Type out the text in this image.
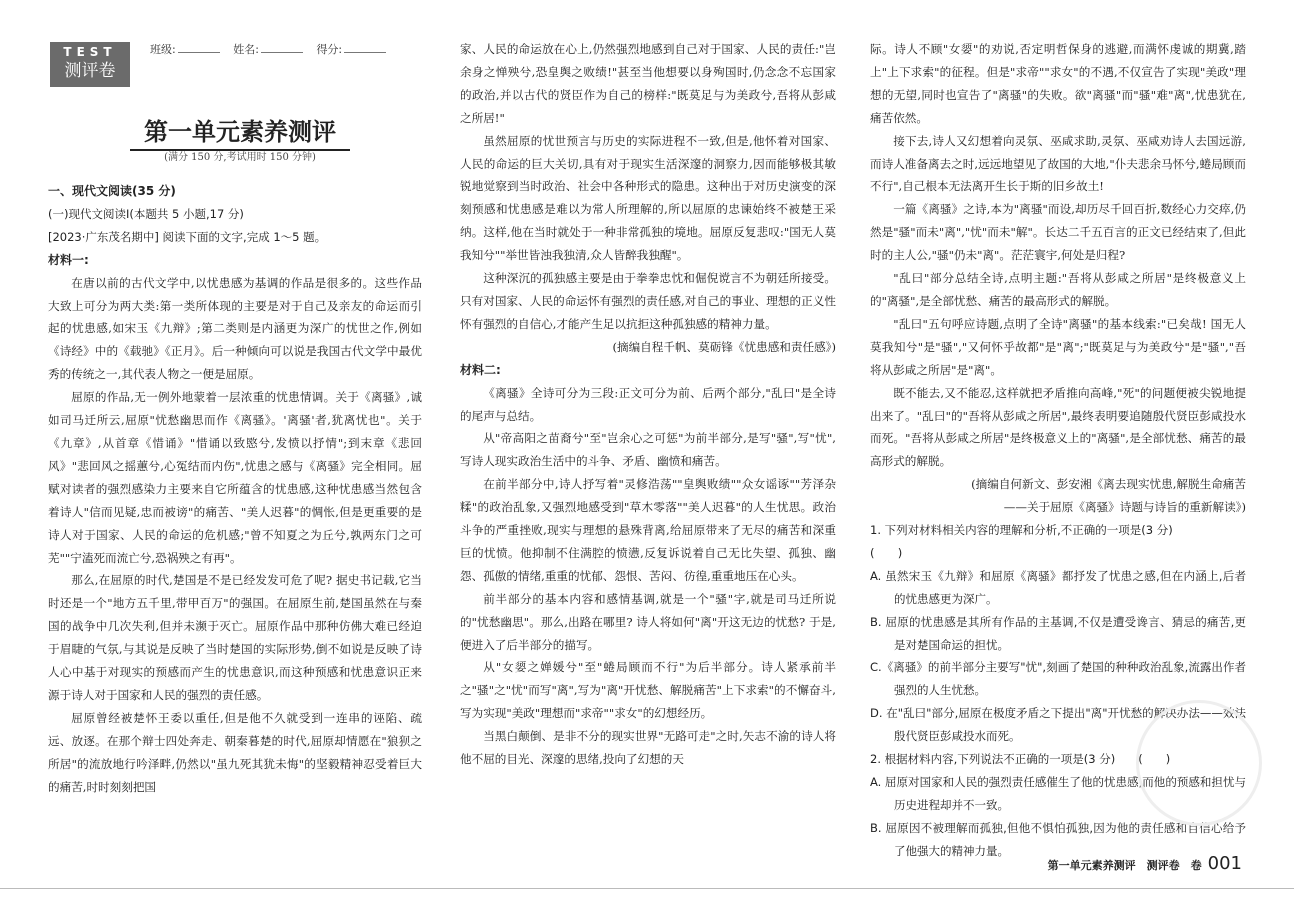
TEST
测评卷
班级:	姓名:	得分:
第一单元素养测评
(满分 150 分,考试用时 150 分钟)

一、现代文阅读(35 分)

(一)现代文阅读Ⅰ(本题共 5 小题,17 分)

[2023·广东茂名期中] 阅读下面的文字,完成 1～5 题。

材料一:

在唐以前的古代文学中,以忧患感为基调的作品是很多的。这些作品大致上可分为两大类:第一类所体现的主要是对于自己及亲友的命运而引起的忧患感,如宋玉《九辩》;第二类则是内涵更为深广的忧世之作,例如《诗经》中的《载驰》《正月》。后一种倾向可以说是我国古代文学中最优秀的传统之一,其代表人物之一便是屈原。

屈原的作品,无一例外地蒙着一层浓重的忧患情调。关于《离骚》,诚如司马迁所云,屈原"忧愁幽思而作《离骚》。'离骚'者,犹离忧也"。关于《九章》,从首章《惜诵》"惜诵以致愍兮,发愤以抒情";到末章《悲回风》"悲回风之摇蕙兮,心冤结而内伤",忧患之感与《离骚》完全相同。屈赋对读者的强烈感染力主要来自它所蕴含的忧患感,这种忧患感当然包含着诗人"信而见疑,忠而被谤"的痛苦、"美人迟暮"的惆怅,但是更重要的是诗人对于国家、人民的命运的危机感;"曾不知夏之为丘兮,孰两东门之可芜""宁溘死而流亡兮,恐祸殃之有再"。

那么,在屈原的时代,楚国是不是已经发发可危了呢? 据史书记载,它当时还是一个"地方五千里,带甲百万"的强国。在屈原生前,楚国虽然在与秦国的战争中几次失利,但并未濒于灭亡。屈原作品中那种仿佛大难已经迫于眉睫的气氛,与其说是反映了当时楚国的实际形势,倒不如说是反映了诗人心中基于对现实的预感而产生的忧患意识,而这种预感和忧患意识正来源于诗人对于国家和人民的强烈的责任感。

屈原曾经被楚怀王委以重任,但是他不久就受到一连串的诬陷、疏远、放逐。在那个辩士四处奔走、朝秦暮楚的时代,屈原却情愿在"狼狈之所居"的流放地行吟泽畔,仍然以"虽九死其犹未悔"的坚毅精神忍受着巨大的痛苦,时时刻刻把国

家、人民的命运放在心上,仍然强烈地感到自己对于国家、人民的责任:"岂余身之惮殃兮,恐皇舆之败绩!"甚至当他想要以身殉国时,仍念念不忘国家的政治,并以古代的贤臣作为自己的榜样:"既莫足与为美政兮,吾将从彭咸之所居!"

虽然屈原的忧世预言与历史的实际进程不一致,但是,他怀着对国家、人民的命运的巨大关切,具有对于现实生活深邃的洞察力,因而能够极其敏锐地觉察到当时政治、社会中各种形式的隐患。这种出于对历史演变的深刻预感和忧患感是难以为常人所理解的,所以屈原的忠谏始终不被楚王采纳。这样,他在当时就处于一种非常孤独的境地。屈原反复悲叹:"国无人莫我知兮""举世皆浊我独清,众人皆醉我独醒"。

这种深沉的孤独感主要是由于拳拳忠忱和倔倪谠言不为朝廷所接受。只有对国家、人民的命运怀有强烈的责任感,对自己的事业、理想的正义性怀有强烈的自信心,才能产生足以抗拒这种孤独感的精神力量。

(摘编自程千帆、莫砺锋《忧患感和责任感》)

材料二:

《离骚》全诗可分为三段:正文可分为前、后两个部分,"乱曰"是全诗的尾声与总结。

从"帝高阳之苗裔兮"至"岂余心之可惩"为前半部分,是写"骚",写"忧",写诗人现实政治生活中的斗争、矛盾、幽愤和痛苦。

在前半部分中,诗人抒写着"灵修浩荡""皇舆败绩""众女谣诼""芳泽杂糅"的政治乱象,又强烈地感受到"草木零落""美人迟暮"的人生忧思。政治斗争的严重挫败,现实与理想的悬殊背离,给屈原带来了无尽的痛苦和深重巨的忧愤。他抑制不住满腔的愤懑,反复诉说着自己无比失望、孤独、幽怨、孤傲的情绪,重重的忧郁、怨恨、苦闷、彷徨,重重地压在心头。

前半部分的基本内容和感情基调,就是一个"骚"字,就是司马迁所说的"忧愁幽思"。那么,出路在哪里? 诗人将如何"离"开这无边的忧愁? 于是,便进入了后半部分的描写。

从"女媭之婵媛兮"至"蜷局顾而不行"为后半部分。诗人紧承前半之"骚"之"忧"而写"离",写为"离"开忧愁、解脱痛苦"上下求索"的不懈奋斗,写为实现"美政"理想而"求帝""求女"的幻想经历。

当黑白颠倒、是非不分的现实世界"无路可走"之时,矢志不渝的诗人将他不屈的目光、深邃的思绪,投向了幻想的天

际。诗人不顾"女媭"的劝说,否定明哲保身的逃避,而满怀虔诚的期冀,踏上"上下求索"的征程。但是"求帝""求女"的不遇,不仅宣告了实现"美政"理想的无望,同时也宣告了"离骚"的失败。欲"离骚"而"骚"难"离",忧患犹在,痛苦依然。

接下去,诗人又幻想着向灵氛、巫咸求助,灵氛、巫咸劝诗人去国远游,而诗人准备离去之时,远远地望见了故国的大地,"仆夫悲余马怀兮,蜷局顾而不行",自己根本无法离开生长于斯的旧乡故土!

一篇《离骚》之诗,本为"离骚"而设,却历尽千回百折,数经心力交瘁,仍然是"骚"而未"离","忧"而未"解"。长达二千五百言的正文已经结束了,但此时的主人公,"骚"仍未"离"。茫茫寰宇,何处是归程?

"乱曰"部分总结全诗,点明主题:"吾将从彭咸之所居"是终极意义上的"离骚",是全部忧愁、痛苦的最高形式的解脱。

"乱曰"五句呼应诗题,点明了全诗"离骚"的基本线索:"已矣哉! 国无人莫我知兮"是"骚","又何怀乎故都"是"离";"既莫足与为美政兮"是"骚","吾将从彭咸之所居"是"离"。

既不能去,又不能忍,这样就把矛盾推向高峰,"死"的问题便被尖锐地提出来了。"乱曰"的"吾将从彭咸之所居",最终表明要追随殷代贤臣彭咸投水而死。"吾将从彭咸之所居"是终极意义上的"离骚",是全部忧愁、痛苦的最高形式的解脱。

(摘编自何新文、彭安湘《离去现实忧患,解脱生命痛苦

——关于屈原《离骚》诗题与诗旨的重新解读》)

1. 下列对材料相关内容的理解和分析,不正确的一项是(3 分)

(　　)

A. 虽然宋玉《九辩》和屈原《离骚》都抒发了忧患之感,但在内涵上,后者的忧患感更为深广。

B. 屈原的忧患感是其所有作品的主基调,不仅是遭受谗言、猜忌的痛苦,更是对楚国命运的担忧。

C.《离骚》的前半部分主要写"忧",刻画了楚国的种种政治乱象,流露出作者强烈的人生忧愁。

D. 在"乱曰"部分,屈原在极度矛盾之下提出"离"开忧愁的解决办法——效法殷代贤臣彭咸投水而死。

2. 根据材料内容,下列说法不正确的一项是(3 分)　　(　　)

A. 屈原对国家和人民的强烈责任感催生了他的忧患感,而他的预感和担忧与历史进程却并不一致。

B. 屈原因不被理解而孤独,但他不惧怕孤独,因为他的责任感和自信心给予了他强大的精神力量。

第一单元素养测评　测评卷　卷 001
